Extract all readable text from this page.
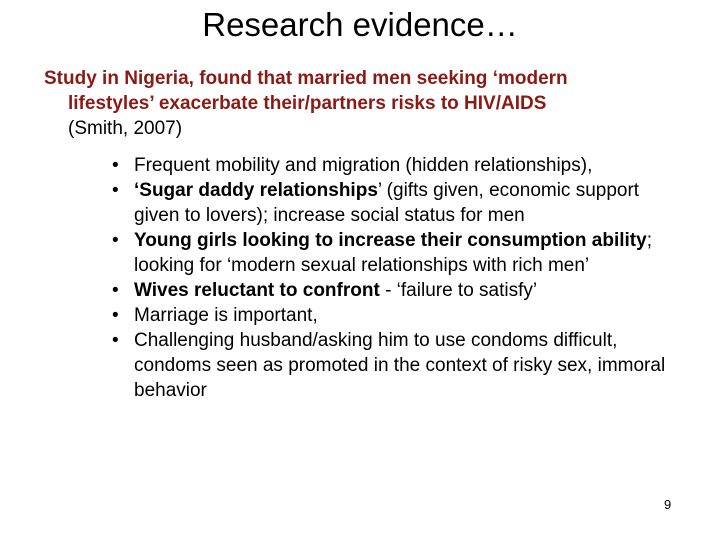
Research evidence…
Study in Nigeria, found that married men seeking ‘modern
lifestyles’ exacerbate their/partners risks to HIV/AIDS
(Smith, 2007)
• Frequent mobility and migration (hidden relationships),
• ‘Sugar daddy relationships’ (gifts given, economic support given to lovers); increase social status for men
• Young girls looking to increase their consumption ability; looking for ‘modern sexual relationships with rich men’
• Wives reluctant to confront - ‘failure to satisfy’
• Marriage is important,
• Challenging husband/asking him to use condoms difficult, condoms seen as promoted in the context of risky sex, immoral behavior
9
